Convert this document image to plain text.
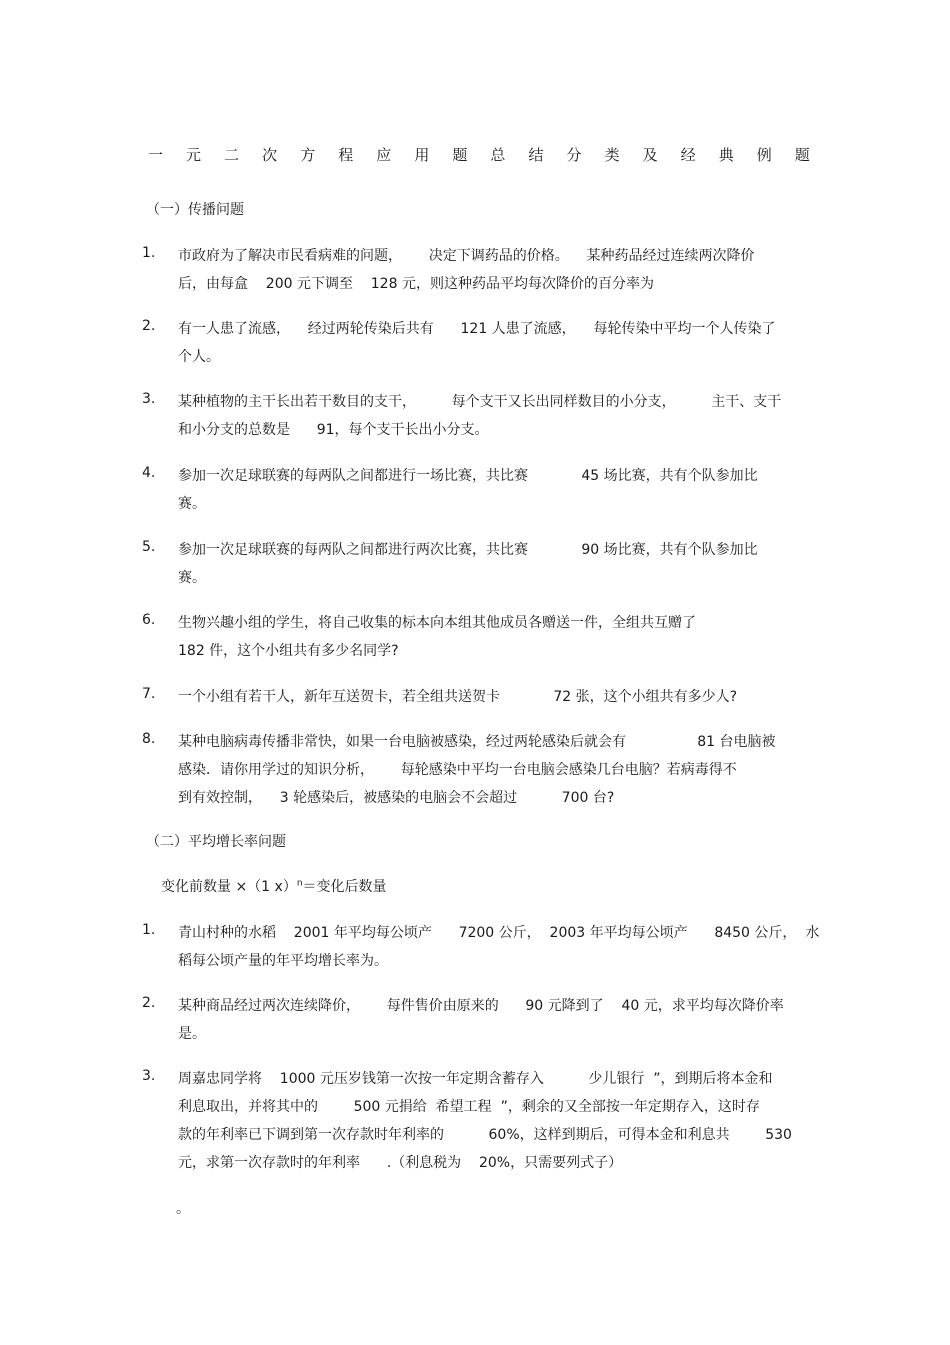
一 元 二 次 方 程 应 用 题 总 结 分 类 及 经 典 例 题
（一）传播问题
1. 市政府为了解决市民看病难的问题，      决定下调药品的价格。    某种药品经过连续两次降价
后，由每盒    200 元下调至    128 元，则这种药品平均每次降价的百分率为
2. 有一人患了流感，    经过两轮传染后共有      121 人患了流感，    每轮传染中平均一个人传染了
个人。
3. 某种植物的主干长出若干数目的支干，        每个支干又长出同样数目的小分支，        主干、支干
和小分支的总数是      91，每个支干长出小分支。
4. 参加一次足球联赛的每两队之间都进行一场比赛，共比赛            45 场比赛，共有个队参加比
赛。
5. 参加一次足球联赛的每两队之间都进行两次比赛，共比赛            90 场比赛，共有个队参加比
赛。
6. 生物兴趣小组的学生，将自己收集的标本向本组其他成员各赠送一件，全组共互赠了
182 件，这个小组共有多少名同学?
7. 一个小组有若干人，新年互送贺卡，若全组共送贺卡            72 张，这个小组共有多少人?
8. 某种电脑病毒传播非常快，如果一台电脑被感染，经过两轮感染后就会有                81 台电脑被
感染．请你用学过的知识分析，      每轮感染中平均一台电脑会感染几台电脑？若病毒得不
到有效控制，    3 轮感染后，被感染的电脑会不会超过          700 台?
（二）平均增长率问题
变化前数量 ×（1 x）$^n$＝变化后数量
1. 青山村种的水稻    2001 年平均每公顷产      7200 公斤，  2003 年平均每公顷产      8450 公斤，  水
稻每公顷产量的年平均增长率为。
2. 某种商品经过两次连续降价，      每件售价由原来的      90 元降到了    40 元，求平均每次降价率
是。
3. 周嘉忠同学将    1000 元压岁钱第一次按一年定期含蓄存入          少儿银行  ”，到期后将本金和
利息取出，并将其中的        500 元捐给  希望工程  ”，剩余的又全部按一年定期存入，这时存
款的年利率已下调到第一次存款时年利率的          60%，这样到期后，可得本金和利息共        530
元，求第一次存款时的年利率      .（利息税为    20%，只需要列式子）
。
